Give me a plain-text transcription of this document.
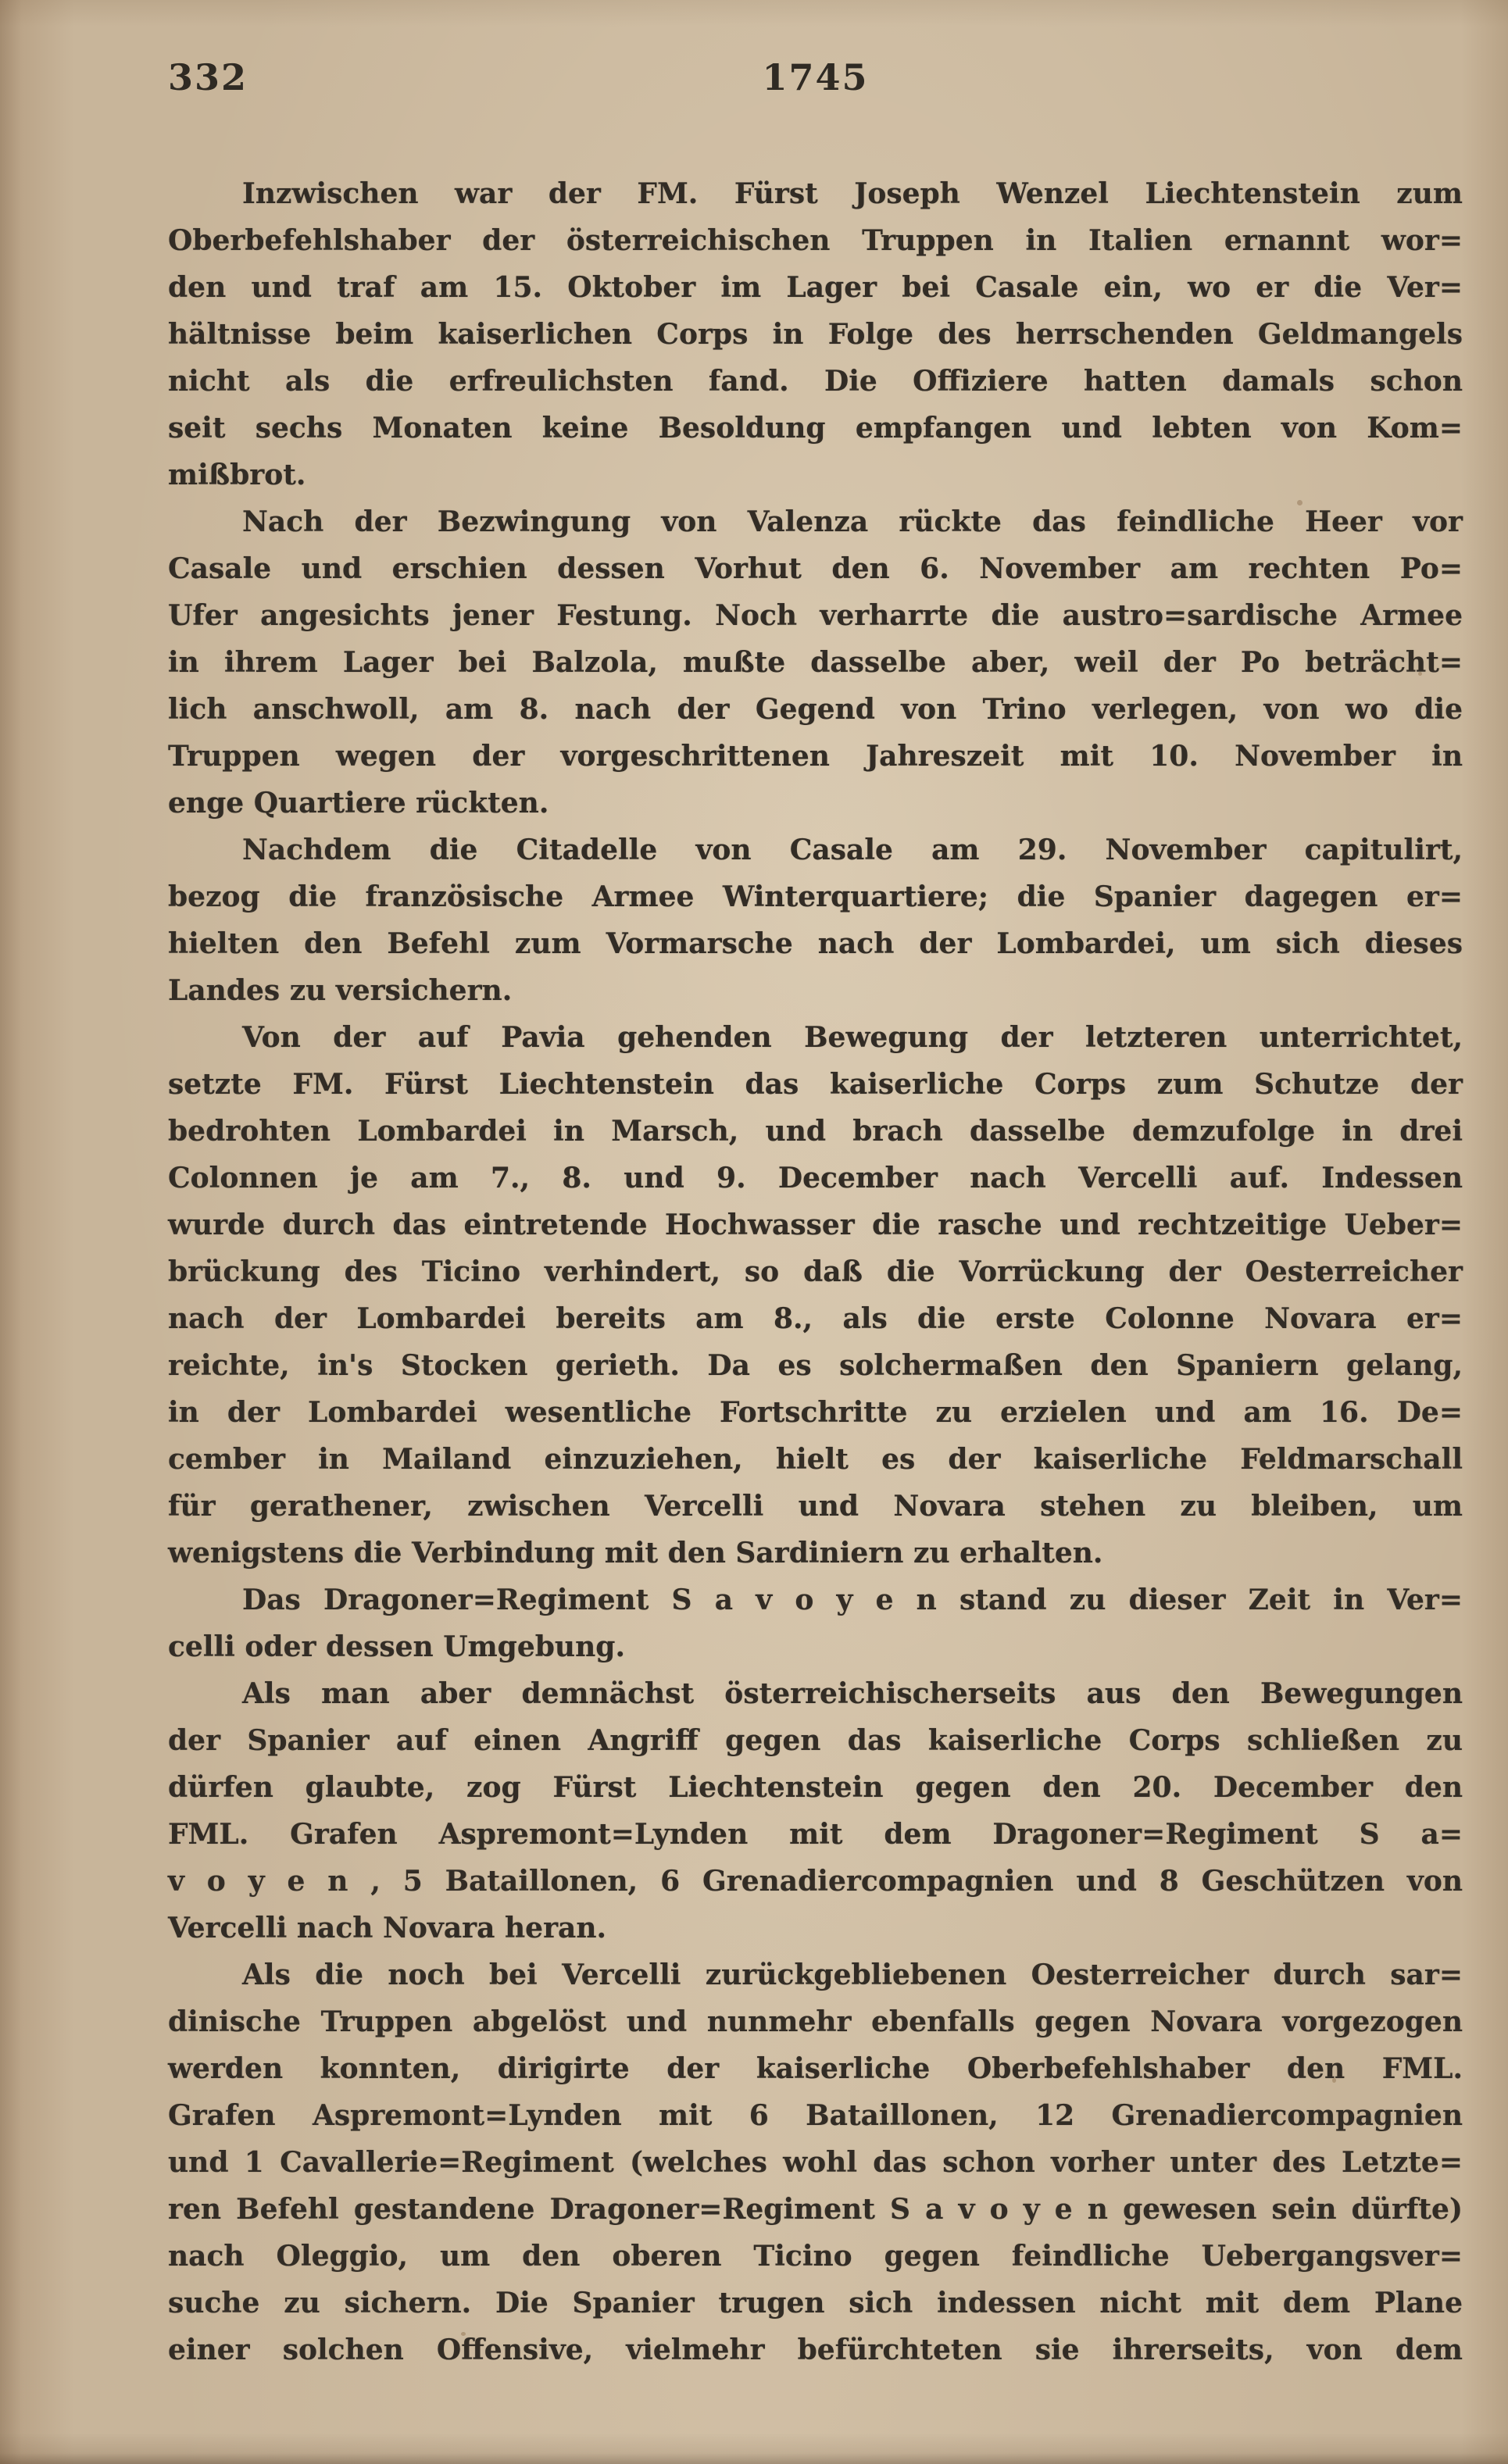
332	1745
Inzwischen war der FM. Fürst Joseph Wenzel Liechtenstein zum
Oberbefehlshaber der österreichischen Truppen in Italien ernannt wor=
den und traf am 15. Oktober im Lager bei Casale ein, wo er die Ver=
hältnisse beim kaiserlichen Corps in Folge des herrschenden Geldmangels
nicht als die erfreulichsten fand. Die Offiziere hatten damals schon
seit sechs Monaten keine Besoldung empfangen und lebten von Kom=
mißbrot.
Nach der Bezwingung von Valenza rückte das feindliche Heer vor
Casale und erschien dessen Vorhut den 6. November am rechten Po=
Ufer angesichts jener Festung. Noch verharrte die austro=sardische Armee
in ihrem Lager bei Balzola, mußte dasselbe aber, weil der Po beträcht=
lich anschwoll, am 8. nach der Gegend von Trino verlegen, von wo die
Truppen wegen der vorgeschrittenen Jahreszeit mit 10. November in
enge Quartiere rückten.
Nachdem die Citadelle von Casale am 29. November capitulirt,
bezog die französische Armee Winterquartiere; die Spanier dagegen er=
hielten den Befehl zum Vormarsche nach der Lombardei, um sich dieses
Landes zu versichern.
Von der auf Pavia gehenden Bewegung der letzteren unterrichtet,
setzte FM. Fürst Liechtenstein das kaiserliche Corps zum Schutze der
bedrohten Lombardei in Marsch, und brach dasselbe demzufolge in drei
Colonnen je am 7., 8. und 9. December nach Vercelli auf. Indessen
wurde durch das eintretende Hochwasser die rasche und rechtzeitige Ueber=
brückung des Ticino verhindert, so daß die Vorrückung der Oesterreicher
nach der Lombardei bereits am 8., als die erste Colonne Novara er=
reichte, in's Stocken gerieth. Da es solchermaßen den Spaniern gelang,
in der Lombardei wesentliche Fortschritte zu erzielen und am 16. De=
cember in Mailand einzuziehen, hielt es der kaiserliche Feldmarschall
für gerathener, zwischen Vercelli und Novara stehen zu bleiben, um
wenigstens die Verbindung mit den Sardiniern zu erhalten.
Das Dragoner=Regiment S a v o y e n stand zu dieser Zeit in Ver=
celli oder dessen Umgebung.
Als man aber demnächst österreichischerseits aus den Bewegungen
der Spanier auf einen Angriff gegen das kaiserliche Corps schließen zu
dürfen glaubte, zog Fürst Liechtenstein gegen den 20. December den
FML. Grafen Aspremont=Lynden mit dem Dragoner=Regiment S a=
v o y e n , 5 Bataillonen, 6 Grenadiercompagnien und 8 Geschützen von
Vercelli nach Novara heran.
Als die noch bei Vercelli zurückgebliebenen Oesterreicher durch sar=
dinische Truppen abgelöst und nunmehr ebenfalls gegen Novara vorgezogen
werden konnten, dirigirte der kaiserliche Oberbefehlshaber den FML.
Grafen Aspremont=Lynden mit 6 Bataillonen, 12 Grenadiercompagnien
und 1 Cavallerie=Regiment (welches wohl das schon vorher unter des Letzte=
ren Befehl gestandene Dragoner=Regiment S a v o y e n gewesen sein dürfte)
nach Oleggio, um den oberen Ticino gegen feindliche Uebergangsver=
suche zu sichern. Die Spanier trugen sich indessen nicht mit dem Plane
einer solchen Offensive, vielmehr befürchteten sie ihrerseits, von dem
